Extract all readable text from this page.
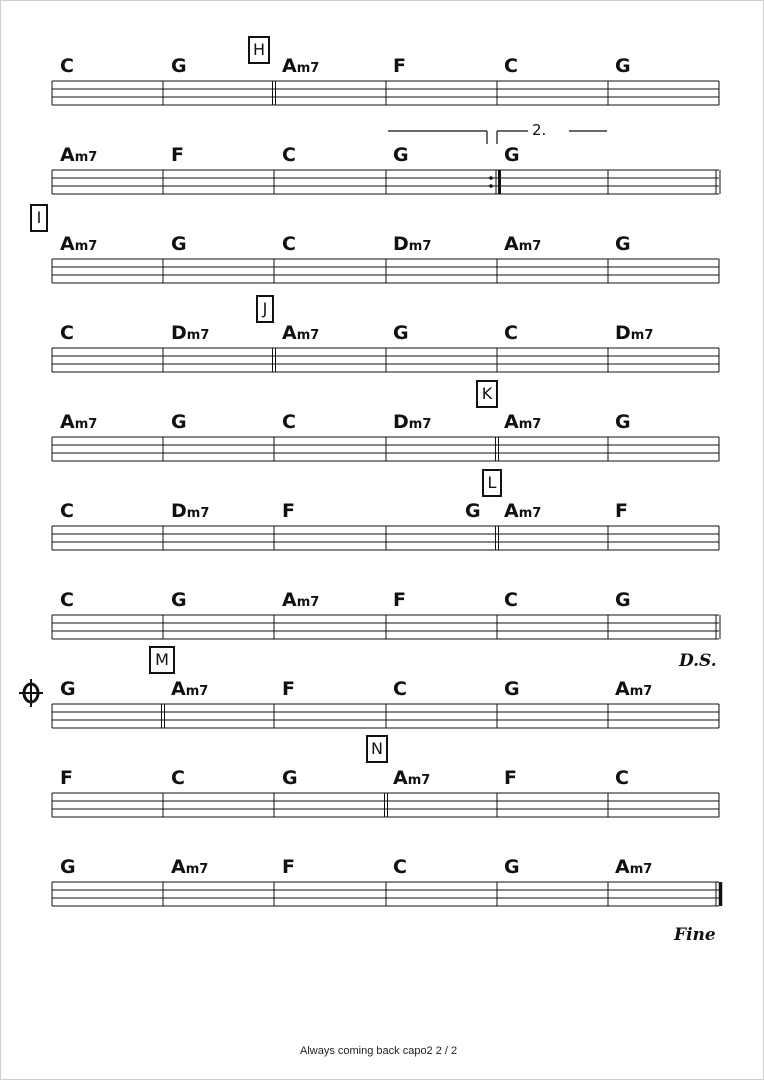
C	G	Am7	F	C	G
Am7	F	C	G	G
Am7	G	C	Dm7	Am7	G
C	Dm7	Am7	G	C	Dm7
Am7	G	C	Dm7	Am7	G
C	Dm7	F	G Am7	F
C	G	Am7	F	C	G
G	Am7	F	C	G	Am7
F	C	G	Am7	F	C
G	Am7	F	C	G	Am7
H
I
J
K
L
M
N
2.
D.S.
Fine
Always coming back capo2 2 / 2
